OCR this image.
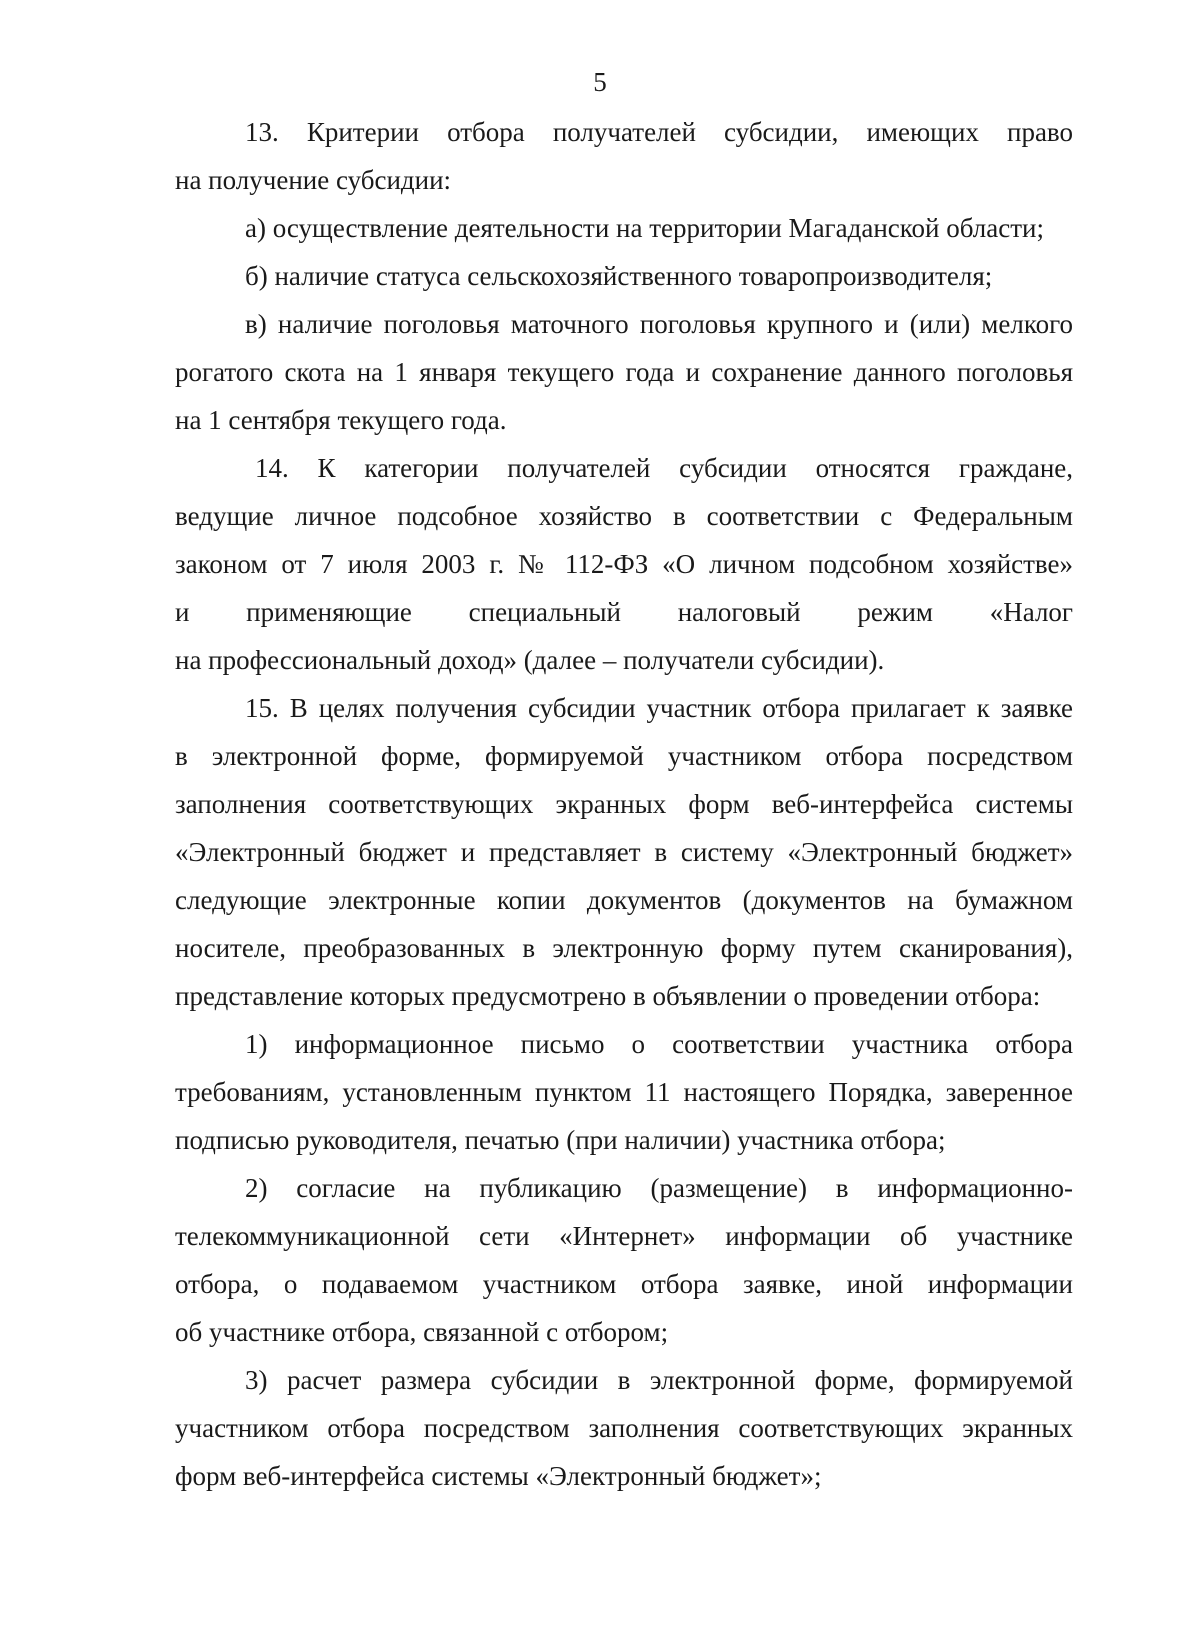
5
13. Критерии отбора получателей субсидии, имеющих право
на получение субсидии:
а) осуществление деятельности на территории Магаданской области;
б) наличие статуса сельскохозяйственного товаропроизводителя;
в) наличие поголовья маточного поголовья крупного и (или) мелкого
рогатого скота на 1 января текущего года и сохранение данного поголовья
на 1 сентября текущего года.
14. К категории получателей субсидии относятся граждане,
ведущие личное подсобное хозяйство в соответствии с Федеральным
законом от 7 июля 2003 г. № 112-ФЗ «О личном подсобном хозяйстве»
и применяющие специальный налоговый режим «Налог
на профессиональный доход» (далее – получатели субсидии).
15. В целях получения субсидии участник отбора прилагает к заявке
в электронной форме, формируемой участником отбора посредством
заполнения соответствующих экранных форм веб-интерфейса системы
«Электронный бюджет и представляет в систему «Электронный бюджет»
следующие электронные копии документов (документов на бумажном
носителе, преобразованных в электронную форму путем сканирования),
представление которых предусмотрено в объявлении о проведении отбора:
1) информационное письмо о соответствии участника отбора
требованиям, установленным пунктом 11 настоящего Порядка, заверенное
подписью руководителя, печатью (при наличии) участника отбора;
2) согласие на публикацию (размещение) в информационно-
телекоммуникационной сети «Интернет» информации об участнике
отбора, о подаваемом участником отбора заявке, иной информации
об участнике отбора, связанной с отбором;
3) расчет размера субсидии в электронной форме, формируемой
участником отбора посредством заполнения соответствующих экранных
форм веб-интерфейса системы «Электронный бюджет»;
